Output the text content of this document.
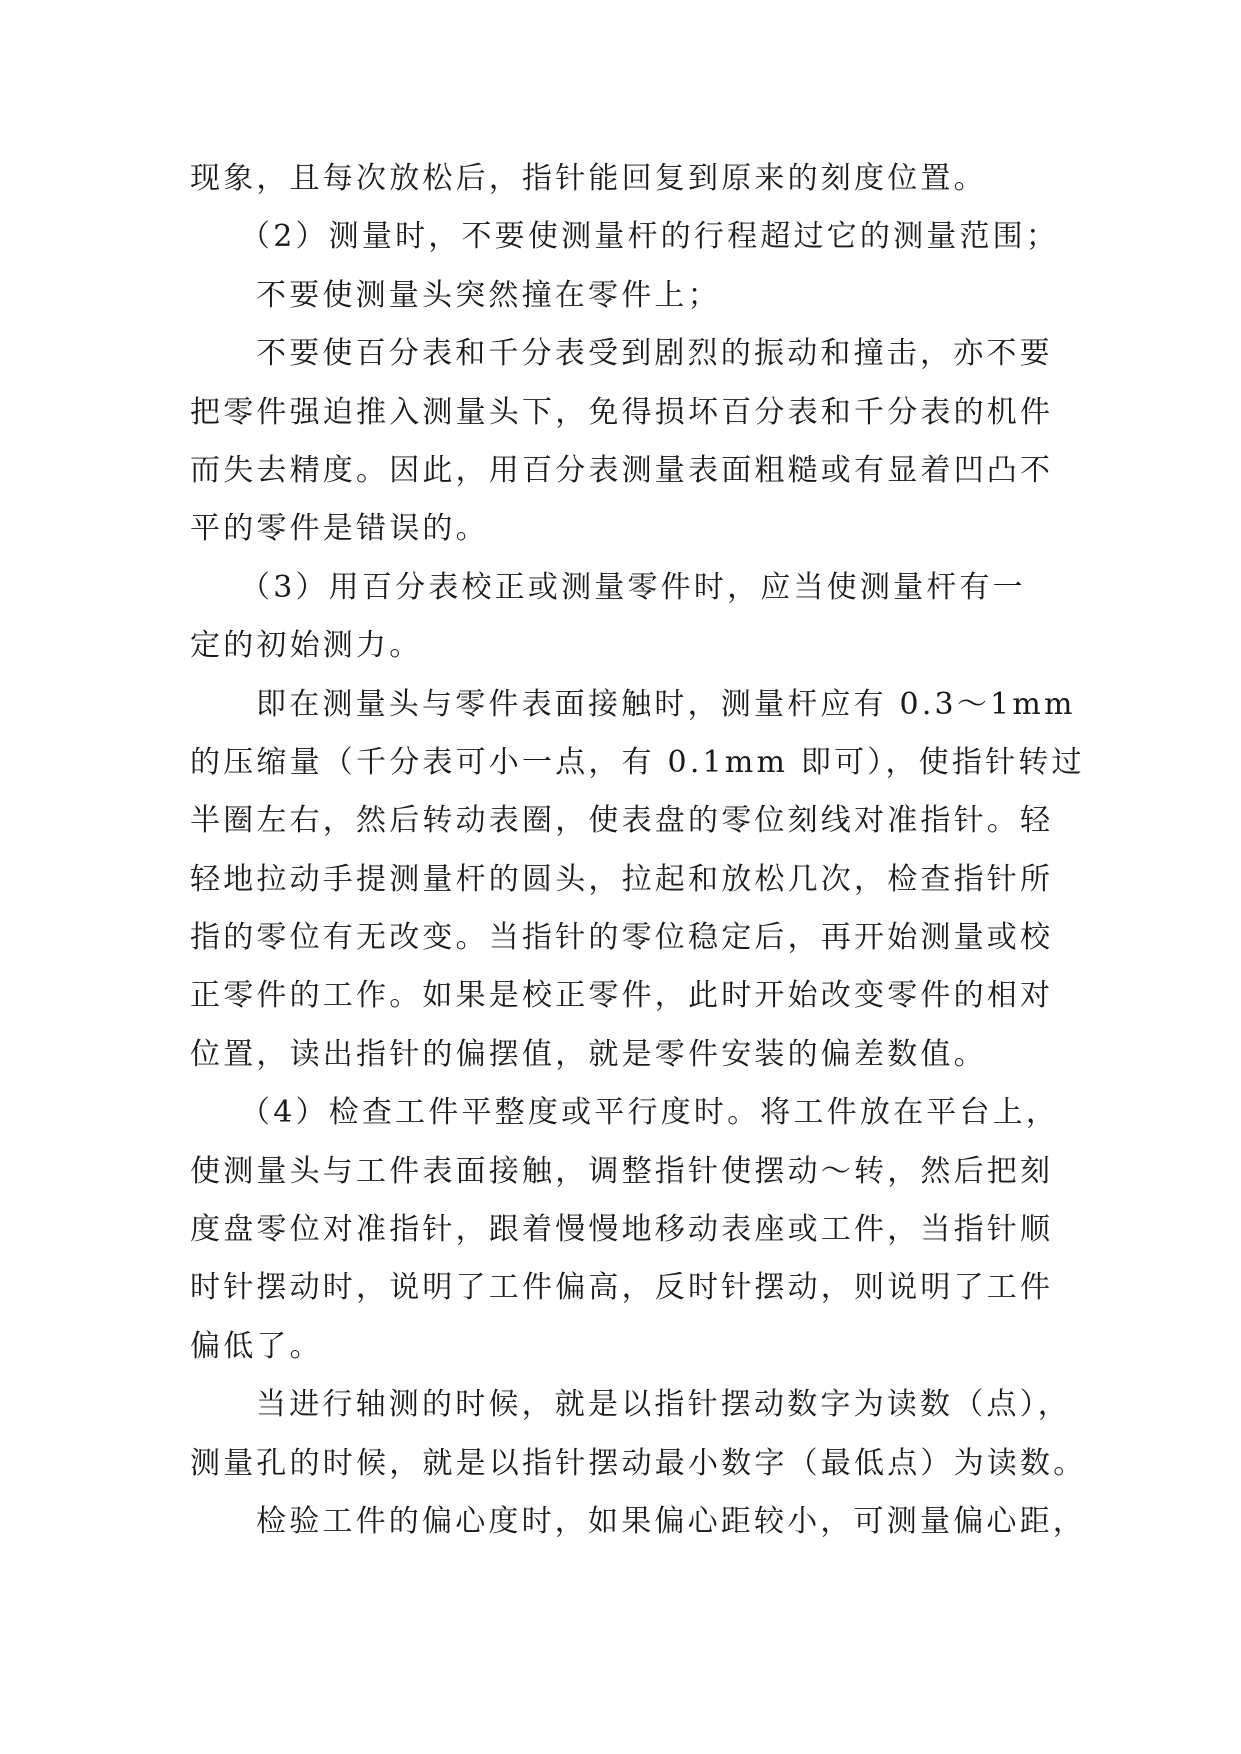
现象，且每次放松后，指针能回复到原来的刻度位置。
（2）测量时，不要使测量杆的行程超过它的测量范围；
不要使测量头突然撞在零件上；
不要使百分表和千分表受到剧烈的振动和撞击，亦不要
把零件强迫推入测量头下，免得损坏百分表和千分表的机件
而失去精度。因此，用百分表测量表面粗糙或有显着凹凸不
平的零件是错误的。
（3）用百分表校正或测量零件时，应当使测量杆有一
定的初始测力。
即在测量头与零件表面接触时，测量杆应有 0.3～1mm
的压缩量（千分表可小一点，有 0.1mm 即可），使指针转过
半圈左右，然后转动表圈，使表盘的零位刻线对准指针。轻
轻地拉动手提测量杆的圆头，拉起和放松几次，检查指针所
指的零位有无改变。当指针的零位稳定后，再开始测量或校
正零件的工作。如果是校正零件，此时开始改变零件的相对
位置，读出指针的偏摆值，就是零件安装的偏差数值。
（4）检查工件平整度或平行度时。将工件放在平台上，
使测量头与工件表面接触，调整指针使摆动～转，然后把刻
度盘零位对准指针，跟着慢慢地移动表座或工件，当指针顺
时针摆动时，说明了工件偏高，反时针摆动，则说明了工件
偏低了。
当进行轴测的时候，就是以指针摆动数字为读数（点），
测量孔的时候，就是以指针摆动最小数字（最低点）为读数。
检验工件的偏心度时，如果偏心距较小，可测量偏心距，
